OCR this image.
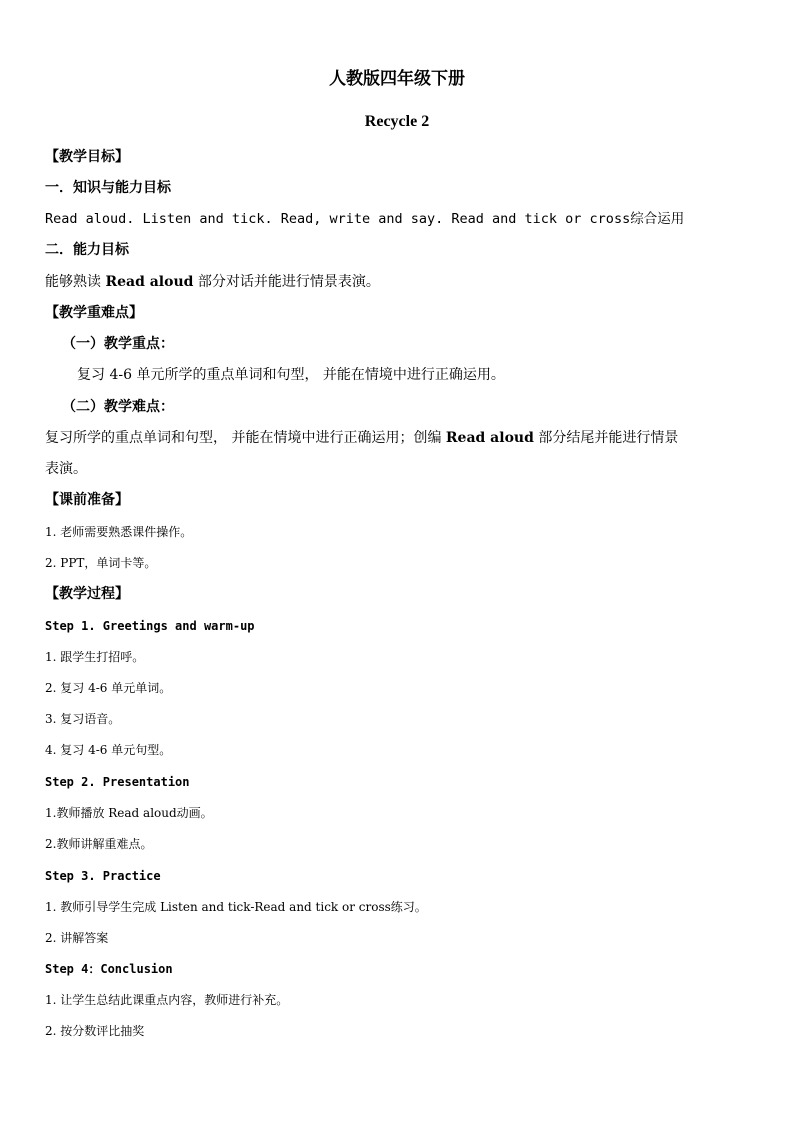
人教版四年级下册
Recycle 2
【教学目标】
一．知识与能力目标
Read aloud. Listen and tick. Read, write and say. Read and tick or cross综合运用
二．能力目标
能够熟读 Read aloud 部分对话并能进行情景表演。
【教学重难点】
（一）教学重点：
复习 4-6 单元所学的重点单词和句型， 并能在情境中进行正确运用。
（二）教学难点：
复习所学的重点单词和句型， 并能在情境中进行正确运用；创编 Read aloud 部分结尾并能进行情景
表演。
【课前准备】
1. 老师需要熟悉课件操作。
2. PPT，单词卡等。
【教学过程】
Step 1. Greetings and warm-up
1. 跟学生打招呼。
2. 复习 4-6 单元单词。
3. 复习语音。
4. 复习 4-6 单元句型。
Step 2. Presentation
1.教师播放 Read aloud动画。
2.教师讲解重难点。
Step 3. Practice
1. 教师引导学生完成 Listen and tick-Read and tick or cross练习。
2. 讲解答案
Step 4：Conclusion
1. 让学生总结此课重点内容，教师进行补充。
2. 按分数评比抽奖
